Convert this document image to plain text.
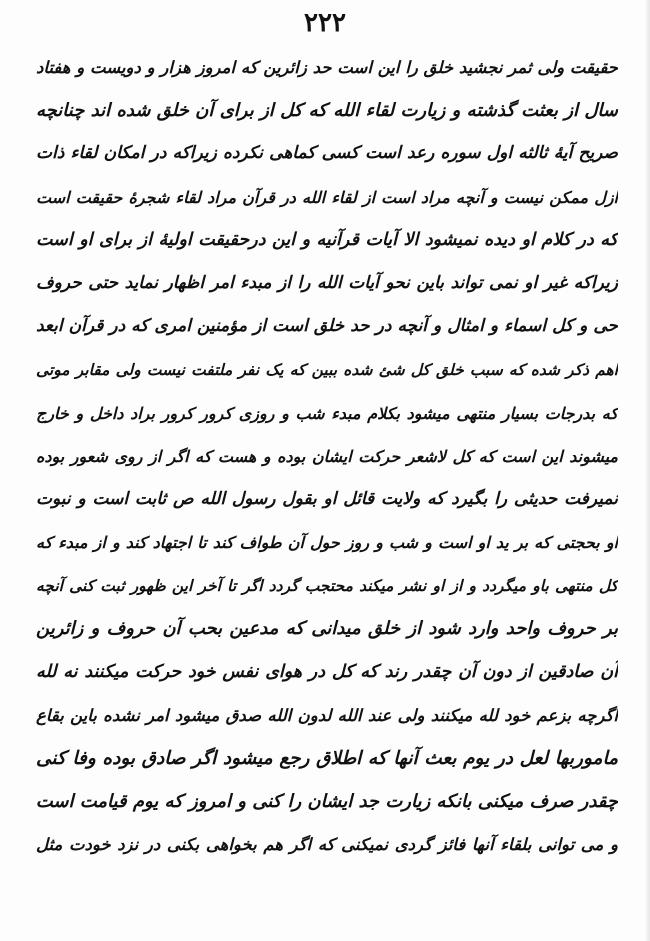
۲۲۲
حقیقت ولی ثمر نجشید خلق را این است حد زائرین که امروز هزار و دویست و هفتاد
سال از بعثت گذشته و زیارت لقاء الله که کل از برای آن خلق شده اند چنانچه
صریح آیهٔ ثالثه اول سوره رعد است کسی کماهی نکرده زیراکه در امکان لقاء ذات
ازل ممکن نیست و آنچه مراد است از لقاء الله در قرآن مراد لقاء شجرهٔ حقیقت است
که در کلام او دیده نمیشود الا آیات قرآنیه و این درحقیقت اولیهٔ از برای او است
زیراکه غیر او نمی تواند باین نحو آیات الله را از مبدء امر اظهار نماید حتی حروف
حی و کل اسماء و امثال و آنچه در حد خلق است از مؤمنین امری که در قرآن ابعد
اهم ذکر شده که سبب خلق کل شئ شده ببین که یک نفر ملتفت نیست ولی مقابر موتی
که بدرجات بسیار منتهی میشود بکلام مبدء شب و روزی کرور کرور براد داخل و خارج
میشوند این است که کل لاشعر حرکت ایشان بوده و هست که اگر از روی شعور بوده
نمیرفت حدیثی را بگیرد که ولایت قائل او بقول رسول الله ص ثابت است و نبوت
او بحجتی که بر ید او است و شب و روز حول آن طواف کند تا اجتهاد کند و از مبدء که
کل منتهی باو میگردد و از او نشر میکند محتجب گردد اگر تا آخر این ظهور ثبت کنی آنچه
بر حروف واحد وارد شود از خلق میدانی که مدعین بحب آن حروف و زائرین
آن صادقین از دون آن چقدر رند که کل در هوای نفس خود حرکت میکنند نه لله
اگرچه بزعم خود لله میکنند ولی عند الله لدون الله صدق میشود امر نشده باین بقاع
ماموربها لعل در یوم بعث آنها که اطلاق رجع میشود اگر صادق بوده وفا کنی
چقدر صرف میکنی بانکه زیارت جد ایشان را کنی و امروز که یوم قیامت است
و می توانی بلقاء آنها فائز گردی نمیکنی که اگر هم بخواهی بکنی در نزد خودت مثل
